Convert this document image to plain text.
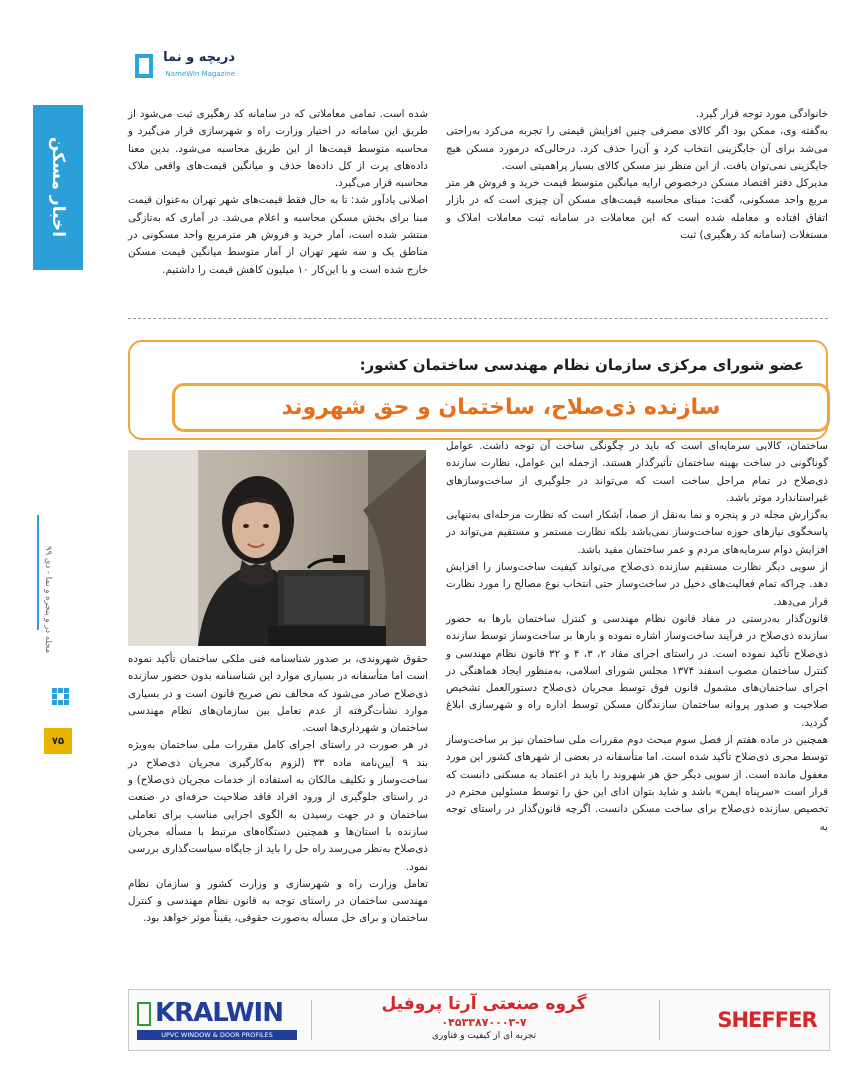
دریچه و نما
NameWin Magazine
اخبار مسکن
مجله در و پنجره و نما - دی ۹۹
۷۵

خانوادگی مورد توجه قرار گیرد.

به‌گفته وی، ممکن بود اگر کالای مصرفی چنین افزایش قیمتی را تجربه می‌کرد به‌راحتی می‌شد برای آن جایگزینی انتخاب کرد و آن‌را حذف کرد. درحالی‌که درمورد مسکن هیچ جایگزینی نمی‌توان یافت. از این منظر نیز مسکن کالای بسیار پراهمیتی است.

مدیرکل دفتر اقتصاد مسکن درخصوص ارایه میانگین متوسط قیمت خرید و فروش هر متر مربع واحد مسکونی، گفت: مبنای محاسبه قیمت‌های مسکن آن چیزی است که در بازار اتفاق افتاده و معامله شده است که این معاملات در سامانه ثبت معاملات املاک و مستغلات (سامانه کد رهگیری) ثبت

شده است. تمامی معاملاتی که در سامانه کد رهگیری ثبت می‌شود از طریق این سامانه در اختیار وزارت راه و شهرسازی قرار می‌گیرد و محاسبه متوسط قیمت‌ها از این طریق محاسبه می‌شود. بدین معنا داده‌های پرت از کل داده‌ها حذف و میانگین قیمت‌های واقعی ملاک محاسبه قرار می‌گیرد.

اصلانی یادآور شد: تا به حال فقط قیمت‌های شهر تهران به‌عنوان قیمت مبنا برای بخش مسکن محاسبه و اعلام می‌شد. در آماری که به‌تازگی منتشر شده است، آمار خرید و فروش هر مترمربع واحد مسکونی در مناطق یک و سه شهر تهران از آمار متوسط میانگین قیمت مسکن خارج شده است و با این‌کار ۱۰ میلیون کاهش قیمت را داشتیم.

عضو شورای مرکزی سازمان نظام مهندسی ساختمان کشور:
سازنده ذی‌صلاح، ساختمان و حق شهروند

ساختمان، کالایی سرمایه‌ای است که باید در چگونگی ساخت آن توجه داشت. عوامل گوناگونی در ساخت بهینه ساختمان تأثیرگذار هستند. ازجمله این عوامل، نظارت سازنده ذی‌صلاح در تمام مراحل ساخت است که می‌تواند در جلوگیری از ساخت‌وسازهای غیراستاندارد موثر باشد.

به‌گزارش مجله در و پنجره و نما به‌نقل از صما، آشکار است که نظارت مرحله‌ای به‌تنهایی پاسخگوی نیازهای حوزه ساخت‌وساز نمی‌باشد بلکه نظارت مستمر و مستقیم می‌تواند در افزایش دوام سرمایه‌های مردم و عمر ساختمان مفید باشد.

از سویی دیگر نظارت مستقیم سازنده ذی‌صلاح می‌تواند کیفیت ساخت‌وساز را افزایش دهد. چراکه تمام فعالیت‌های دخیل در ساخت‌وساز حتی انتخاب نوع مصالح را مورد نظارت قرار می‌دهد.

قانون‌گذار به‌درستی در مفاد قانون نظام مهندسی و کنترل ساختمان بارها به حضور سازنده ذی‌صلاح در فرآیند ساخت‌وساز اشاره نموده و بارها بر ساخت‌وساز توسط سازنده ذی‌صلاح تأکید نموده است. در راستای اجرای مفاد ۲، ۳، ۴ و ۳۲ قانون نظام مهندسی و کنترل ساختمان مصوب اسفند ۱۳۷۴ مجلس شورای اسلامی، به‌منظور ایجاد هماهنگی در اجرای ساختمان‌های مشمول قانون فوق توسط مجریان ذی‌صلاح دستورالعمل تشخیص صلاحیت و صدور پروانه ساختمان سازندگان مسکن توسط اداره راه و شهرسازی ابلاغ گردید.

همچنین در ماده هفتم از فصل سوم مبحث دوم مقررات ملی ساختمان نیز بر ساخت‌وساز توسط مجری ذی‌صلاح تأکید شده است. اما متأسفانه در بعضی از شهرهای کشور این مورد مغفول مانده است. از سویی دیگر حق هر شهروند را باید در اعتماد به مسکنی دانست که قرار است «سرپناه ایمن» باشد و شاید بتوان ادای این حق را توسط مسئولین محترم در تخصیص سازنده ذی‌صلاح برای ساخت مسکن دانست. اگرچه قانون‌گذار در راستای توجه به

حقوق شهروندی، بر صدور شناسنامه فنی ملکی ساختمان تأکید نموده است اما متأسفانه در بسیاری موارد این شناسنامه بدون حضور سازنده ذی‌صلاح صادر می‌شود که مخالف نص صریح قانون است و در بسیاری موارد نشأت‌گرفته از عدم تعامل بین سازمان‌های نظام مهندسی ساختمان و شهرداری‌ها است.

در هر صورت در راستای اجرای کامل مقررات ملی ساختمان به‌ویژه بند ۹ آیین‌نامه ماده ۳۳ (لزوم به‌کارگیری مجریان ذی‌صلاح در ساخت‌وساز و تکلیف مالکان به استفاده از خدمات مجریان ذی‌صلاح) و در راستای جلوگیری از ورود افراد فاقد صلاحیت حرفه‌ای در صنعت ساختمان و در جهت رسیدن به الگوی اجرایی مناسب برای تعاملی سازنده با استان‌ها و همچنین دستگاه‌های مرتبط با مسأله مجریان ذی‌صلاح به‌نظر می‌رسد راه حل را باید از جایگاه سیاست‌گذاری بررسی نمود.

تعامل وزارت راه و شهرسازی و وزارت کشور و سازمان نظام مهندسی ساختمان در راستای توجه به قانون نظام مهندسی و کنترل ساختمان و برای حل مسأله به‌صورت حقوقی، یقیناً موثر خواهد بود.

KRALWIN
UPVC WINDOW & DOOR PROFILES
گروه صنعتی آرتا پروفیل
۰۴۵۳۳۸۷۰۰۰۳-۷
تجربه ای از کیفیت و فناوری
SHEFFER
